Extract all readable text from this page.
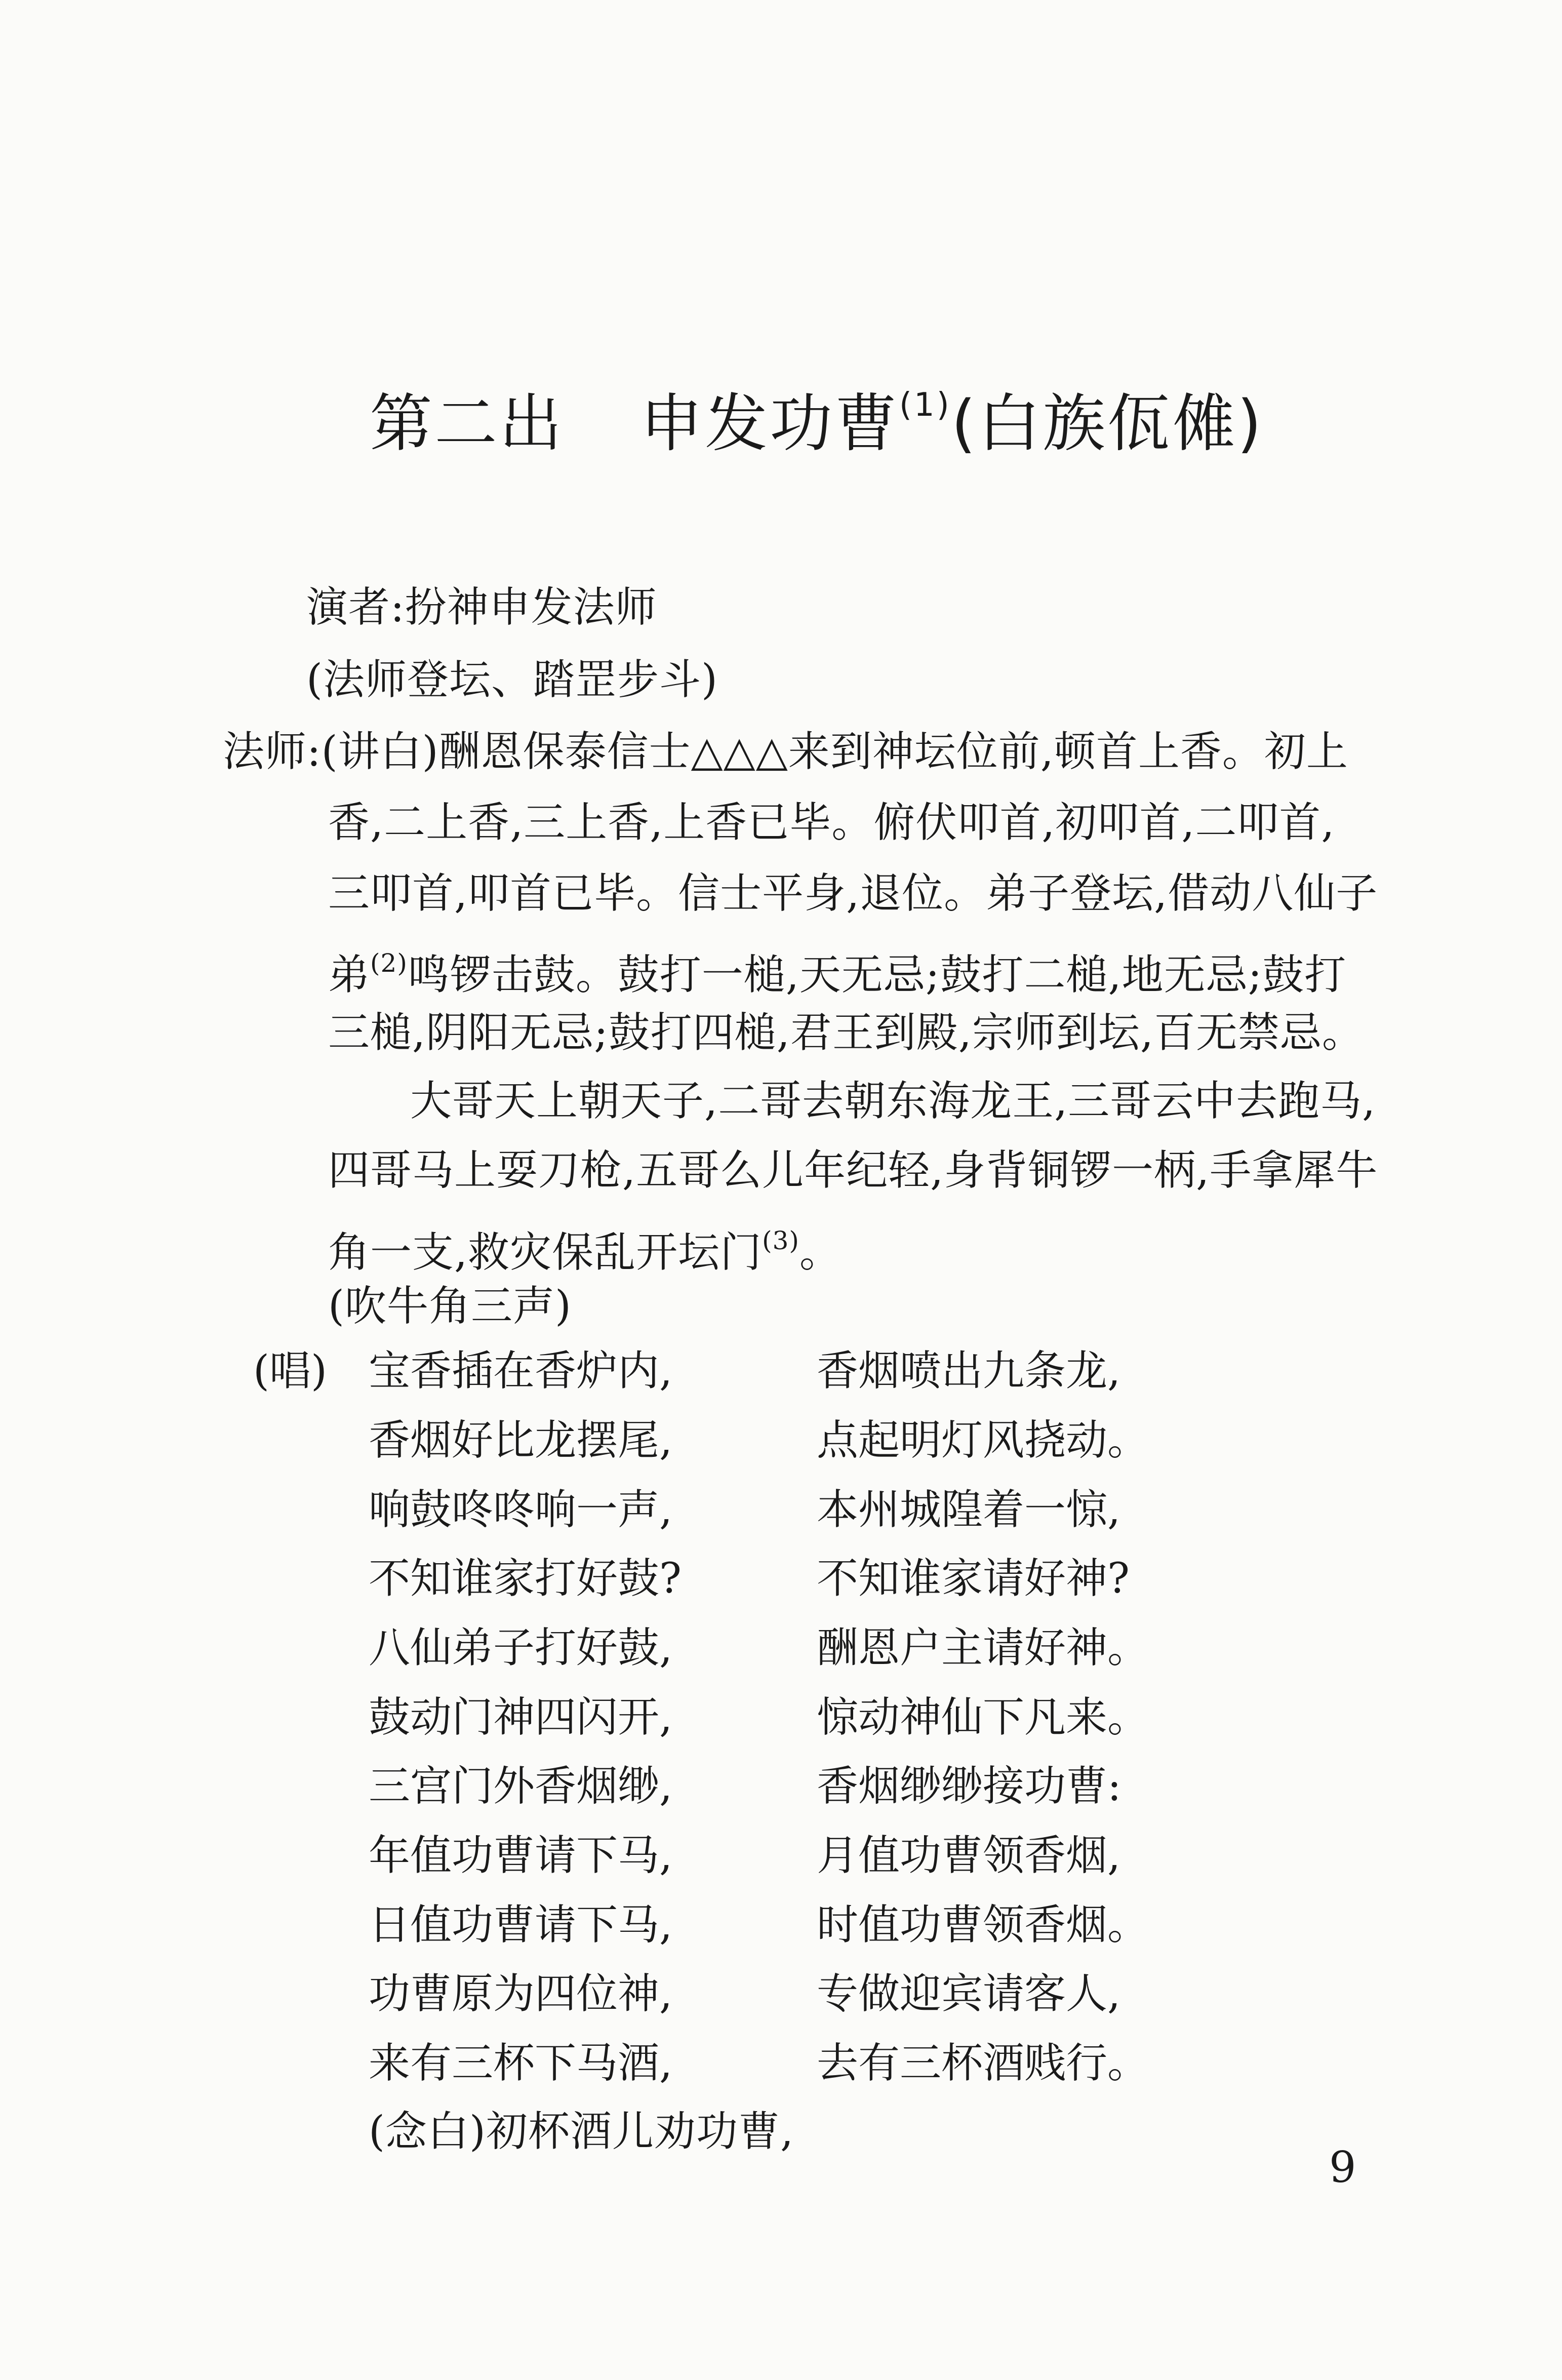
第二出 申发功曹$^{(1)}$(白族佤傩)
演者:扮神申发法师
(法师登坛、踏罡步斗)
法师:(讲白)酬恩保泰信士△△△来到神坛位前,顿首上香。初上
香,二上香,三上香,上香已毕。俯伏叩首,初叩首,二叩首,
三叩首,叩首已毕。信士平身,退位。弟子登坛,借动八仙子
弟$^{(2)}$鸣锣击鼓。鼓打一槌,天无忌;鼓打二槌,地无忌;鼓打
三槌,阴阳无忌;鼓打四槌,君王到殿,宗师到坛,百无禁忌。
大哥天上朝天子,二哥去朝东海龙王,三哥云中去跑马,
四哥马上耍刀枪,五哥么儿年纪轻,身背铜锣一柄,手拿犀牛
角一支,救灾保乱开坛门$^{(3)}$。
(吹牛角三声)
(唱) 宝香插在香炉内,	香烟喷出九条龙,
香烟好比龙摆尾,	点起明灯风挠动。
响鼓咚咚响一声,	本州城隍着一惊,
不知谁家打好鼓?	不知谁家请好神?
八仙弟子打好鼓,	酬恩户主请好神。
鼓动门神四闪开,	惊动神仙下凡来。
三宫门外香烟缈,	香烟缈缈接功曹:
年值功曹请下马,	月值功曹领香烟,
日值功曹请下马,	时值功曹领香烟。
功曹原为四位神,	专做迎宾请客人,
来有三杯下马酒,	去有三杯酒贱行。
(念白)初杯酒儿劝功曹,
9
